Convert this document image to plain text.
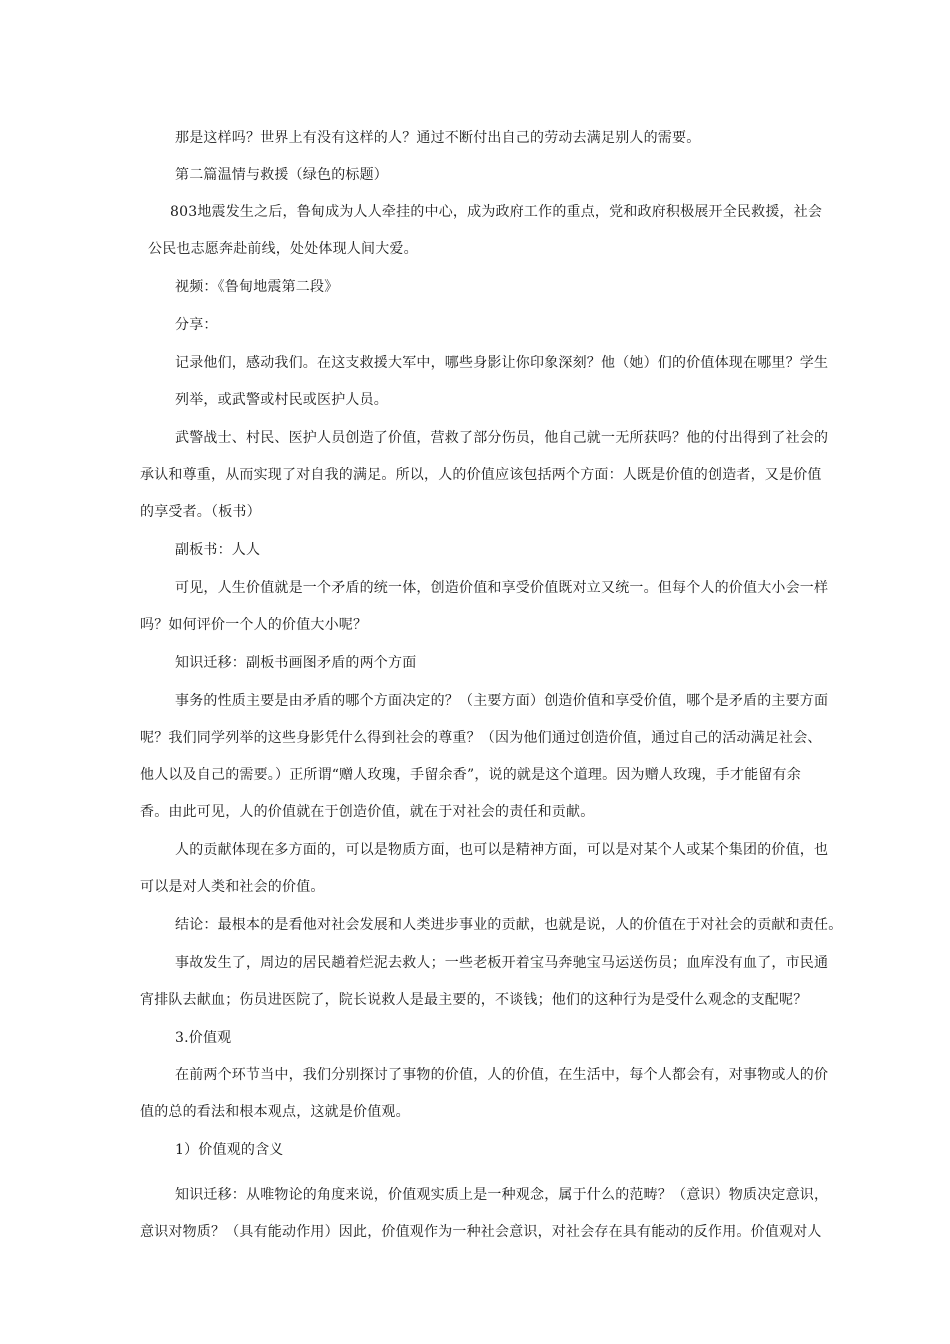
那是这样吗？世界上有没有这样的人？通过不断付出自己的劳动去满足别人的需要。
第二篇温情与救援（绿色的标题）
803地震发生之后，鲁甸成为人人牵挂的中心，成为政府工作的重点，党和政府积极展开全民救援，社会
公民也志愿奔赴前线，处处体现人间大爱。
视频：《鲁甸地震第二段》
分享：
记录他们，感动我们。在这支救援大军中，哪些身影让你印象深刻？他（她）们的价值体现在哪里？学生
列举，或武警或村民或医护人员。
武警战士、村民、医护人员创造了价值，营救了部分伤员，他自己就一无所获吗？他的付出得到了社会的
承认和尊重，从而实现了对自我的满足。所以，人的价值应该包括两个方面：人既是价值的创造者，又是价值
的享受者。（板书）
副板书：人人
可见，人生价值就是一个矛盾的统一体，创造价值和享受价值既对立又统一。但每个人的价值大小会一样
吗？如何评价一个人的价值大小呢？
知识迁移：副板书画图矛盾的两个方面
事务的性质主要是由矛盾的哪个方面决定的？（主要方面）创造价值和享受价值，哪个是矛盾的主要方面
呢？我们同学列举的这些身影凭什么得到社会的尊重？（因为他们通过创造价值，通过自己的活动满足社会、
他人以及自己的需要。）正所谓“赠人玫瑰，手留余香”，说的就是这个道理。因为赠人玫瑰，手才能留有余
香。由此可见，人的价值就在于创造价值，就在于对社会的责任和贡献。
人的贡献体现在多方面的，可以是物质方面，也可以是精神方面，可以是对某个人或某个集团的价值，也
可以是对人类和社会的价值。
结论：最根本的是看他对社会发展和人类进步事业的贡献，也就是说，人的价值在于对社会的贡献和责任。
事故发生了，周边的居民趟着烂泥去救人；一些老板开着宝马奔驰宝马运送伤员；血库没有血了，市民通
宵排队去献血；伤员进医院了，院长说救人是最主要的，不谈钱；他们的这种行为是受什么观念的支配呢？
3.价值观
在前两个环节当中，我们分别探讨了事物的价值，人的价值，在生活中，每个人都会有，对事物或人的价
值的总的看法和根本观点，这就是价值观。
1）价值观的含义
知识迁移：从唯物论的角度来说，价值观实质上是一种观念，属于什么的范畴？（意识）物质决定意识，
意识对物质？（具有能动作用）因此，价值观作为一种社会意识，对社会存在具有能动的反作用。价值观对人
